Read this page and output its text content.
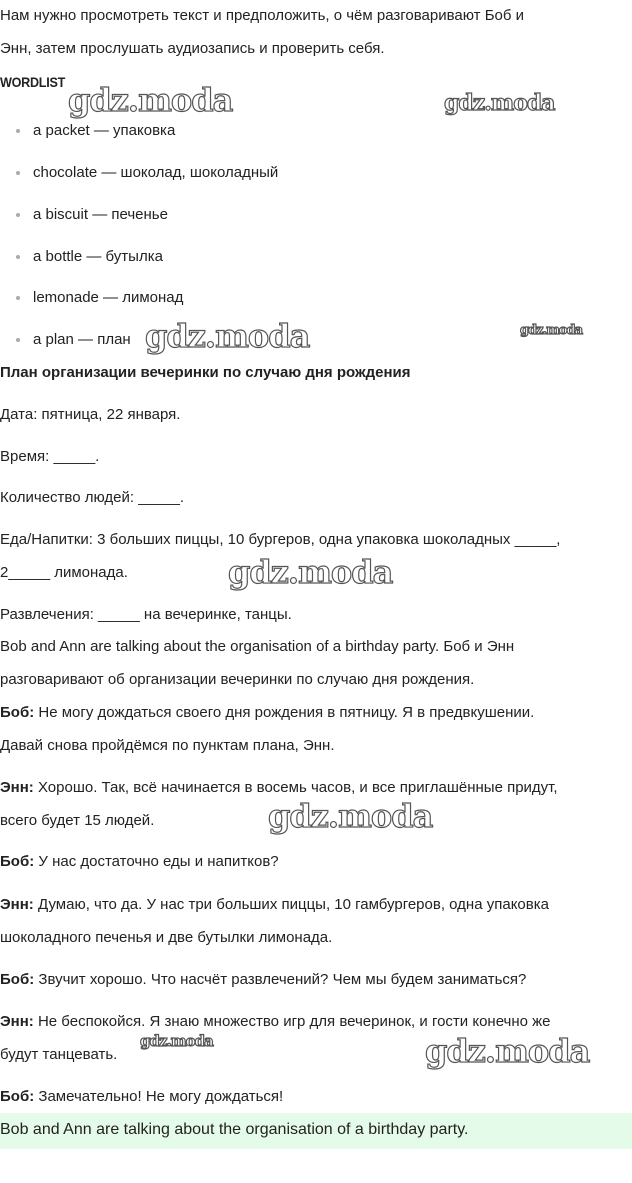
Нам нужно просмотреть текст и предположить, о чём разговаривают Боб и
Энн, затем прослушать аудиозапись и проверить себя.
WORDLIST
a packet — упаковка
chocolate — шоколад, шоколадный
a biscuit — печенье
a bottle — бутылка
lemonade — лимонад
a plan — план
План организации вечеринки по случаю дня рождения
Дата: пятница, 22 января.
Время: _____.
Количество людей: _____.
Еда/Напитки: 3 больших пиццы, 10 бургеров, одна упаковка шоколадных _____,
2_____ лимонада.
Развлечения: _____ на вечеринке, танцы.
Bob and Ann are talking about the organisation of a birthday party. Боб и Энн
разговаривают об организации вечеринки по случаю дня рождения.
Боб: Не могу дождаться своего дня рождения в пятницу. Я в предвкушении.
Давай снова пройдёмся по пунктам плана, Энн.
Энн: Хорошо. Так, всё начинается в восемь часов, и все приглашённые придут,
всего будет 15 людей.
Боб: У нас достаточно еды и напитков?
Энн: Думаю, что да. У нас три больших пиццы, 10 гамбургеров, одна упаковка
шоколадного печенья и две бутылки лимонада.
Боб: Звучит хорошо. Что насчёт развлечений? Чем мы будем заниматься?
Энн: Не беспокойся. Я знаю множество игр для вечеринок, и гости конечно же
будут танцевать.
Боб: Замечательно! Не могу дождаться!
Bob and Ann are talking about the organisation of a birthday party.
gdz.moda	gdz.moda
gdz.moda	gdz.moda
gdz.moda
gdz.moda
gdz.moda	gdz.moda
